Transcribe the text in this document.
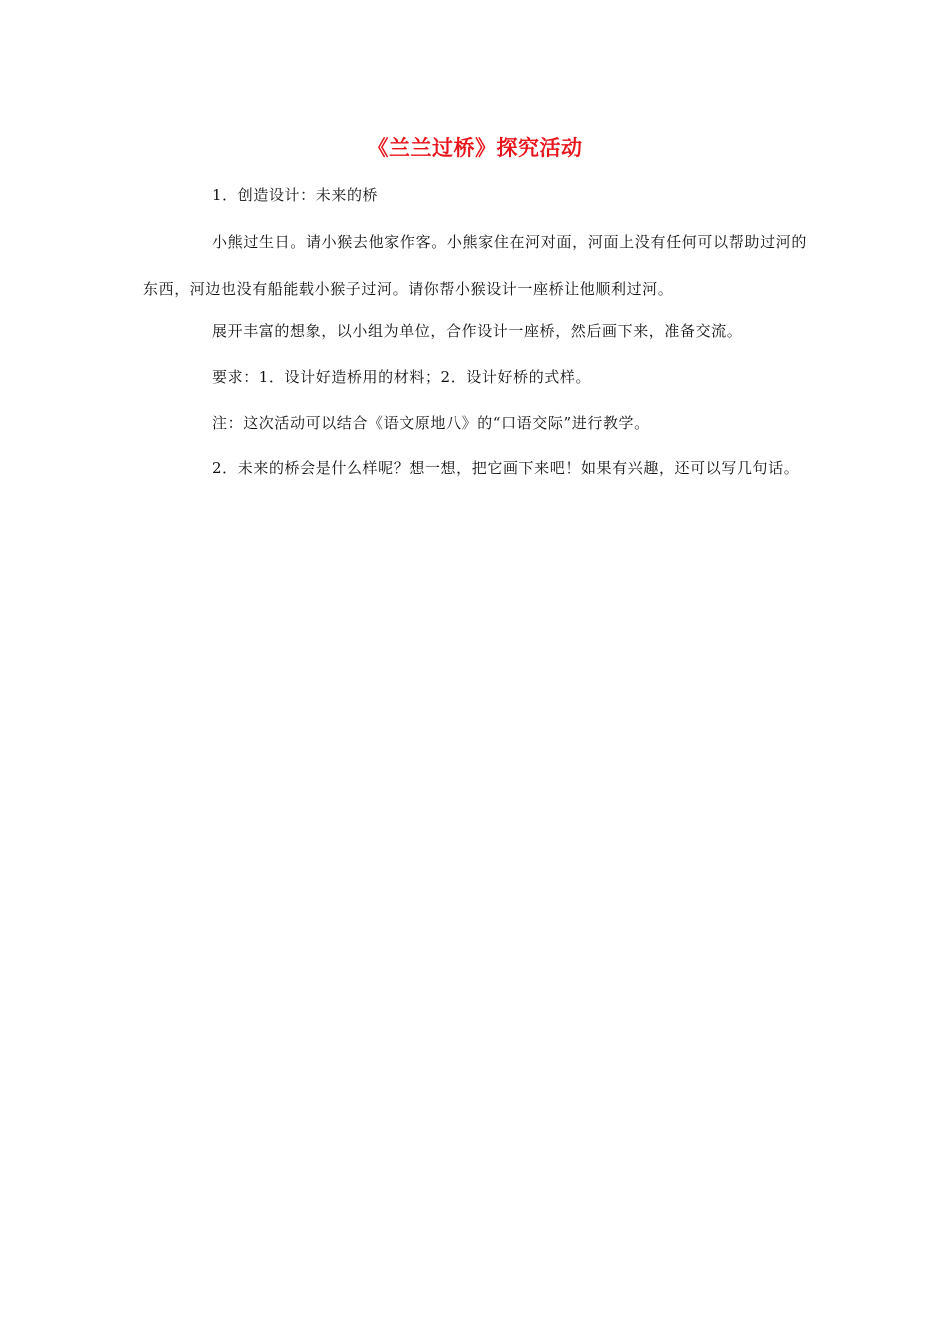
《兰兰过桥》探究活动

1．创造设计：未来的桥

小熊过生日。请小猴去他家作客。小熊家住在河对面，河面上没有任何可以帮助过河的东西，河边也没有船能载小猴子过河。请你帮小猴设计一座桥让他顺利过河。

展开丰富的想象，以小组为单位，合作设计一座桥，然后画下来，准备交流。

要求：1．设计好造桥用的材料；2．设计好桥的式样。

注：这次活动可以结合《语文原地八》的“口语交际”进行教学。

2．未来的桥会是什么样呢？想一想，把它画下来吧！如果有兴趣，还可以写几句话。
